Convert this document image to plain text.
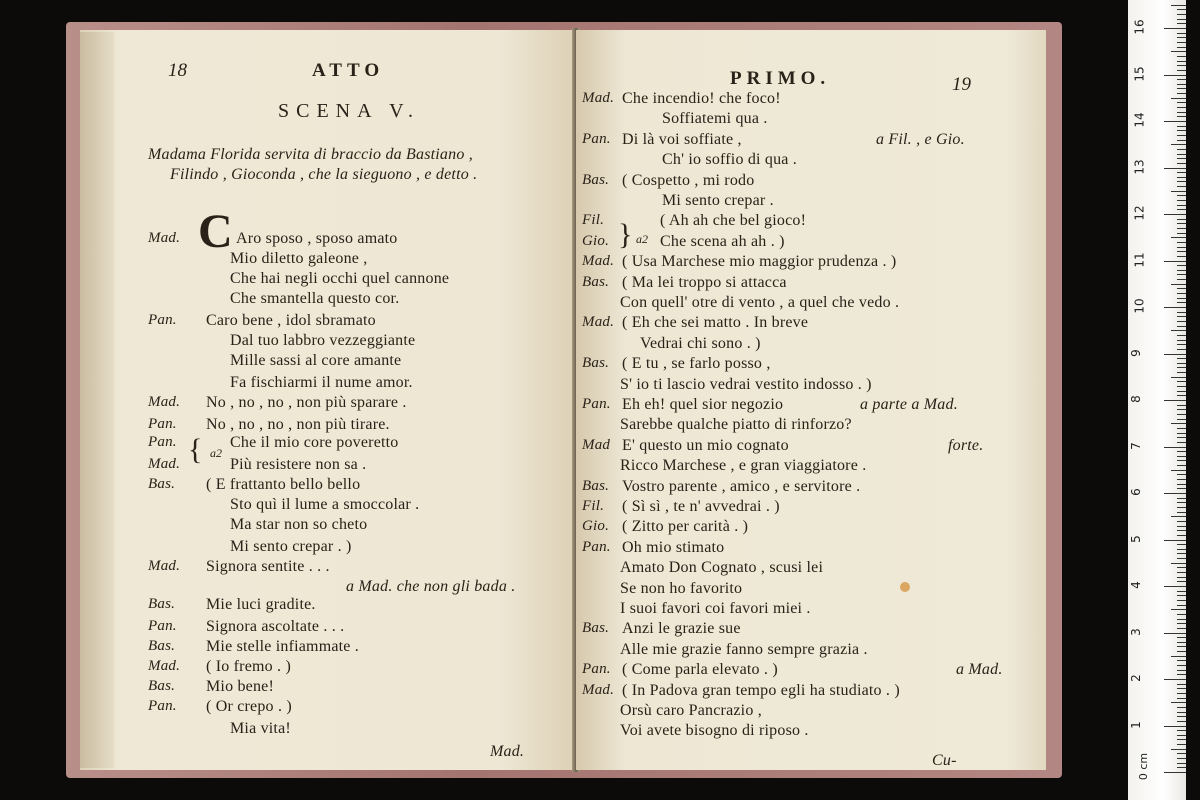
18	ATTO
SCENA V.
Madama Florida servita di braccio da Bastiano ,
Filindo , Gioconda , che la sieguono , e detto .
C
Mad.	Aro sposo , sposo amato
Mio diletto galeone ,
Che hai negli occhi quel cannone
Che smantella questo cor.
Pan. Caro bene , idol sbramato
Dal tuo labbro vezzeggiante
Mille sassi al core amante
Fa fischiarmi il nume amor.
Mad. No , no , no , non più sparare .
Pan. No , no , no , non più tirare.
Pan.	Che il mio core poveretto
Mad.	Più resistere non sa .
Bas. ( E frattanto bello bello
Sto quì il lume a smoccolar .
Ma star non so cheto
Mi sento crepar . )
Mad. Signora sentite . . .
a Mad. che non gli bada .
Bas. Mie luci gradite.
Pan. Signora ascoltate . . .
Bas. Mie stelle infiammate .
Mad. ( Io fremo . )
Bas. Mio bene!
Pan. ( Or crepo . )
Mia vita!
{ a2
Mad.
PRIMO.	19
Mad. Che incendio! che foco!
Soffiatemi qua .
Pan. Di là voi soffiate ,	a Fil. , e Gio.
Ch' io soffio di qua .
Bas. ( Cospetto , mi rodo
Mi sento crepar .
Fil.	( Ah ah che bel gioco!
Gio.	Che scena ah ah . )
Mad. ( Usa Marchese mio maggior prudenza . )
Bas. ( Ma lei troppo si attacca
Con quell' otre di vento , a quel che vedo .
Mad. ( Eh che sei matto . In breve
Vedrai chi sono . )
Bas. ( E tu , se farlo posso ,
S' io ti lascio vedrai vestito indosso . )
Pan. Eh eh! quel sior negozio	a parte a Mad.
Sarebbe qualche piatto di rinforzo?
Mad E' questo un mio cognato	forte.
Ricco Marchese , e gran viaggiatore .
Bas. Vostro parente , amico , e servitore .
Fil. ( Sì sì , te n' avvedrai . )
Gio. ( Zitto per carità . )
Pan. Oh mio stimato
Amato Don Cognato , scusi lei
Se non ho favorito
I suoi favori coi favori miei .
Bas. Anzi le grazie sue
Alle mie grazie fanno sempre grazia .
Pan. ( Come parla elevato . )	a Mad.
Mad. ( In Padova gran tempo egli ha studiato . )
Orsù caro Pancrazio ,
Voi avete bisogno di riposo .
} a2
Cu-
1
2
3
4
5
6
7
8
9
10
11
12
13
14
15
16
0 cm
